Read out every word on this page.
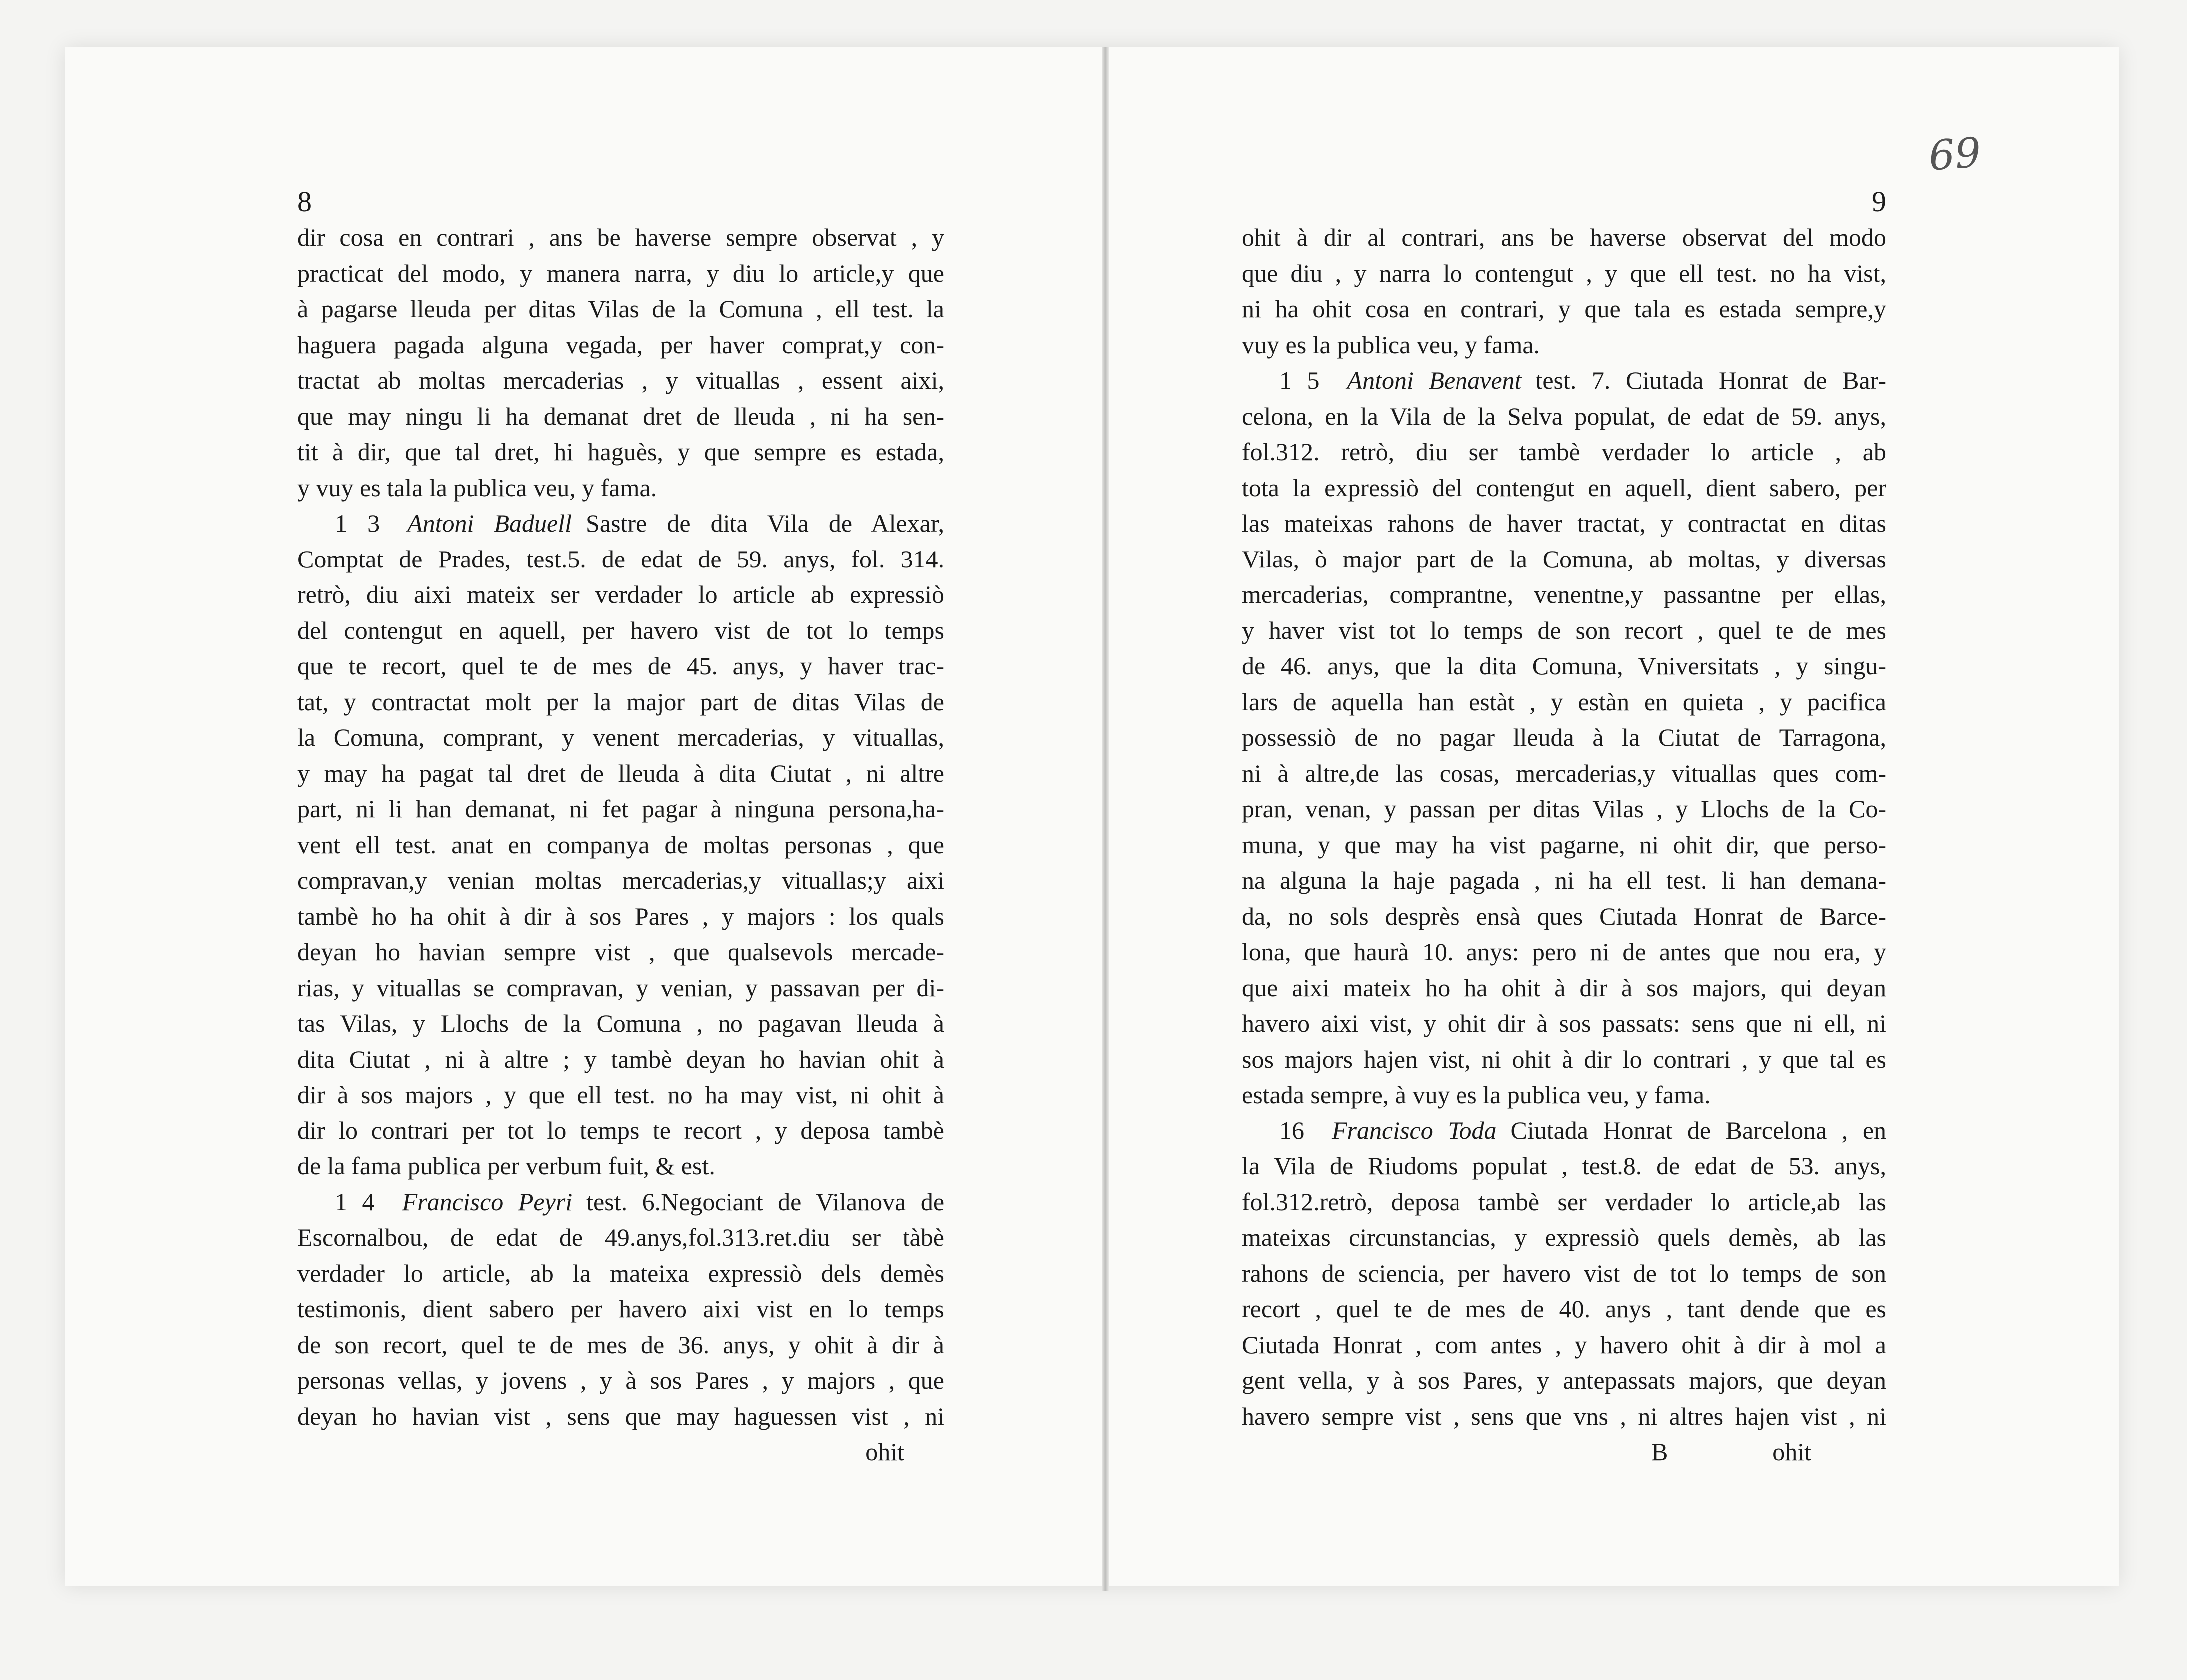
69
8
dir cosa en contrari , ans be haverse sempre observat , y
practicat del modo, y manera narra, y diu lo article,y que
à pagarse lleuda per ditas Vilas de la Comuna , ell test. la
haguera pagada alguna vegada, per haver comprat,y con-
tractat ab moltas mercaderias , y vituallas , essent aixi,
que may ningu li ha demanat dret de lleuda , ni ha sen-
tit à dir, que tal dret, hi haguès, y que sempre es estada,
y vuy es tala la publica veu, y fama.
1 3 Antoni Baduell Sastre de dita Vila de Alexar,
Comptat de Prades, test.5. de edat de 59. anys, fol. 314.
retrò, diu aixi mateix ser verdader lo article ab expressiò
del contengut en aquell, per havero vist de tot lo temps
que te recort, quel te de mes de 45. anys, y haver trac-
tat, y contractat molt per la major part de ditas Vilas de
la Comuna, comprant, y venent mercaderias, y vituallas,
y may ha pagat tal dret de lleuda à dita Ciutat , ni altre
part, ni li han demanat, ni fet pagar à ninguna persona,ha-
vent ell test. anat en companya de moltas personas , que
compravan,y venian moltas mercaderias,y vituallas;y aixi
tambè ho ha ohit à dir à sos Pares , y majors : los quals
deyan ho havian sempre vist , que qualsevols mercade-
rias, y vituallas se compravan, y venian, y passavan per di-
tas Vilas, y Llochs de la Comuna , no pagavan lleuda à
dita Ciutat , ni à altre ; y tambè deyan ho havian ohit à
dir à sos majors , y que ell test. no ha may vist, ni ohit à
dir lo contrari per tot lo temps te recort , y deposa tambè
de la fama publica per verbum fuit, & est.
1 4 Francisco Peyri test. 6.Negociant de Vilanova de
Escornalbou, de edat de 49.anys,fol.313.ret.diu ser tàbè
verdader lo article, ab la mateixa expressiò dels demès
testimonis, dient sabero per havero aixi vist en lo temps
de son recort, quel te de mes de 36. anys, y ohit à dir à
personas vellas, y jovens , y à sos Pares , y majors , que
deyan ho havian vist , sens que may haguessen vist , ni
ohit
9
ohit à dir al contrari, ans be haverse observat del modo
que diu , y narra lo contengut , y que ell test. no ha vist,
ni ha ohit cosa en contrari, y que tala es estada sempre,y
vuy es la publica veu, y fama.
1 5 Antoni Benavent test. 7. Ciutada Honrat de Bar-
celona, en la Vila de la Selva populat, de edat de 59. anys,
fol.312. retrò, diu ser tambè verdader lo article , ab
tota la expressiò del contengut en aquell, dient sabero, per
las mateixas rahons de haver tractat, y contractat en ditas
Vilas, ò major part de la Comuna, ab moltas, y diversas
mercaderias, comprantne, venentne,y passantne per ellas,
y haver vist tot lo temps de son recort , quel te de mes
de 46. anys, que la dita Comuna, Vniversitats , y singu-
lars de aquella han estàt , y estàn en quieta , y pacifica
possessiò de no pagar lleuda à la Ciutat de Tarragona,
ni à altre,de las cosas, mercaderias,y vituallas ques com-
pran, venan, y passan per ditas Vilas , y Llochs de la Co-
muna, y que may ha vist pagarne, ni ohit dir, que perso-
na alguna la haje pagada , ni ha ell test. li han demana-
da, no sols desprès ensà ques Ciutada Honrat de Barce-
lona, que haurà 10. anys: pero ni de antes que nou era, y
que aixi mateix ho ha ohit à dir à sos majors, qui deyan
havero aixi vist, y ohit dir à sos passats: sens que ni ell, ni
sos majors hajen vist, ni ohit à dir lo contrari , y que tal es
estada sempre, à vuy es la publica veu, y fama.
16 Francisco Toda Ciutada Honrat de Barcelona , en
la Vila de Riudoms populat , test.8. de edat de 53. anys,
fol.312.retrò, deposa tambè ser verdader lo article,ab las
mateixas circunstancias, y expressiò quels demès, ab las
rahons de sciencia, per havero vist de tot lo temps de son
recort , quel te de mes de 40. anys , tant dende que es
Ciutada Honrat , com antes , y havero ohit à dir à mol a
gent vella, y à sos Pares, y antepassats majors, que deyan
havero sempre vist , sens que vns , ni altres hajen vist , ni
B	ohit
